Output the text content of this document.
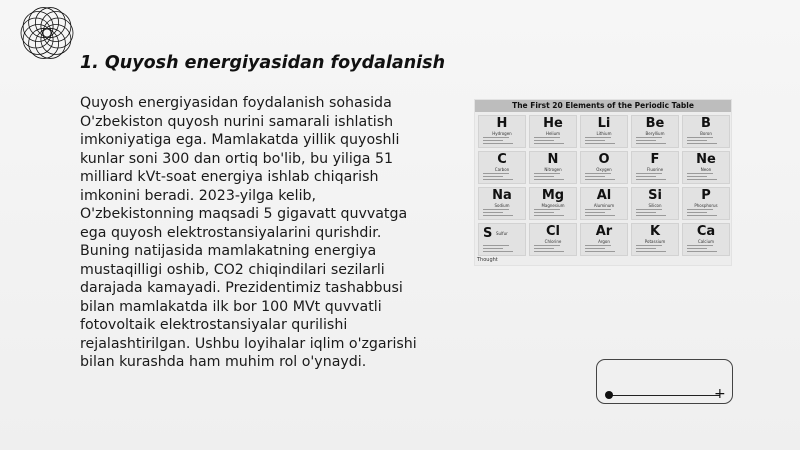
1. Quyosh energiyasidan foydalanish
Quyosh energiyasidan foydalanish sohasida O'zbekiston quyosh nurini samarali ishlatish imkoniyatiga ega. Mamlakatda yillik quyoshli kunlar soni 300 dan ortiq bo'lib, bu yiliga 51 milliard kVt-soat energiya ishlab chiqarish imkonini beradi. 2023-yilga kelib, O'zbekistonning maqsadi 5 gigavatt quvvatga ega quyosh elektrostansiyalarini qurishdir. Buning natijasida mamlakatning energiya mustaqilligi oshib, CO2 chiqindilari sezilarli darajada kamayadi. Prezidentimiz tashabbusi bilan mamlakatda ilk bor 100 MVt quvvatli fotovoltaik elektrostansiyalar qurilishi rejalashtirilgan. Ushbu loyihalar iqlim o'zgarishi bilan kurashda ham muhim rol o'ynaydi.
The First 20 Elements of the Periodic Table
H
Hydrogen
He
Helium
Li
Lithium
Be
Beryllium
B
Boron
C
Carbon
N
Nitrogen
O
Oxygen
F
Fluorine
Ne
Neon
Na
Sodium
Mg
Magnesium
Al
Aluminum
Si
Silicon
P
Phosphorus
S Sulfur	Cl
Chlorine
Ar
Argon
K
Potassium
Ca
Calcium
Thought
+
